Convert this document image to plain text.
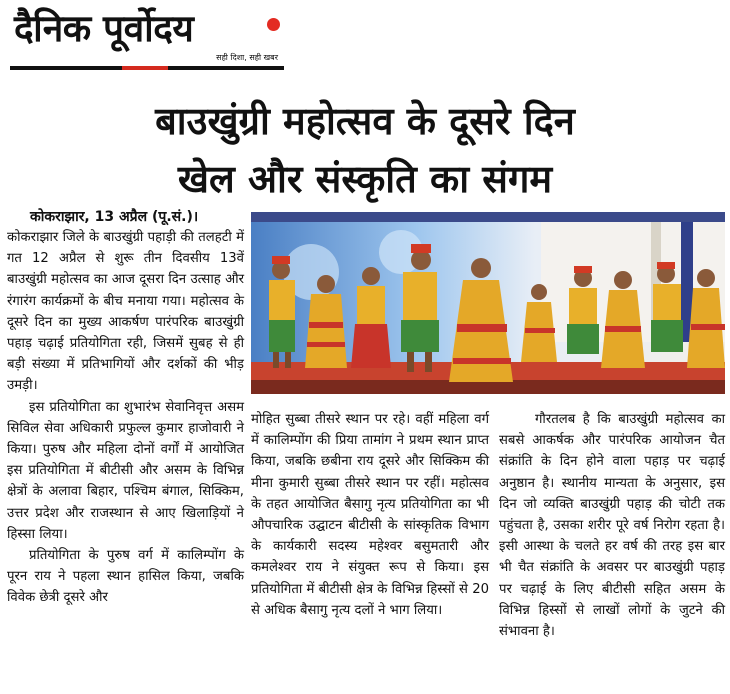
दैनिक पूर्वोदय
सही दिशा, सही खबर
बाउखुंग्री महोत्सव के दूसरे दिन
खेल और संस्कृति का संगम
कोकराझार, 13 अप्रैल (पू.सं.)।

कोकराझार जिले के बाउखुंग्री पहाड़ी की तलहटी में गत 12 अप्रैल से शुरू तीन दिवसीय 13वें बाउखुंग्री महोत्सव का आज दूसरा दिन उत्साह और रंगारंग कार्यक्रमों के बीच मनाया गया। महोत्सव के दूसरे दिन का मुख्य आकर्षण पारंपरिक बाउखुंग्री पहाड़ चढ़ाई प्रतियोगिता रही, जिसमें सुबह से ही बड़ी संख्या में प्रतिभागियों और दर्शकों की भीड़ उमड़ी।

इस प्रतियोगिता का शुभारंभ सेवानिवृत्त असम सिविल सेवा अधिकारी प्रफुल्ल कुमार हाजोवारी ने किया। पुरुष और महिला दोनों वर्गों में आयोजित इस प्रतियोगिता में बीटीसी और असम के विभिन्न क्षेत्रों के अलावा बिहार, पश्चिम बंगाल, सिक्किम, उत्तर प्रदेश और राजस्थान से आए खिलाड़ियों ने हिस्सा लिया।

प्रतियोगिता के पुरुष वर्ग में कालिम्पोंग के पूरन राय ने पहला स्थान हासिल किया, जबकि विवेक छेत्री दूसरे और

मोहित सुब्बा तीसरे स्थान पर रहे। वहीं महिला वर्ग में कालिम्पोंग की प्रिया तामांग ने प्रथम स्थान प्राप्त किया, जबकि छबीना राय दूसरे और सिक्किम की मीना कुमारी सुब्बा तीसरे स्थान पर रहीं। महोत्सव के तहत आयोजित बैसागु नृत्य प्रतियोगिता का भी औपचारिक उद्घाटन बीटीसी के सांस्कृतिक विभाग के कार्यकारी सदस्य महेश्वर बसुमतारी और कमलेश्वर राय ने संयुक्त रूप से किया। इस प्रतियोगिता में बीटीसी क्षेत्र के विभिन्न हिस्सों से 20 से अधिक बैसागु नृत्य दलों ने भाग लिया।

गौरतलब है कि बाउखुंग्री महोत्सव का सबसे आकर्षक और पारंपरिक आयोजन चैत संक्रांति के दिन होने वाला पहाड़ पर चढ़ाई अनुष्ठान है। स्थानीय मान्यता के अनुसार, इस दिन जो व्यक्ति बाउखुंग्री पहाड़ की चोटी तक पहुंचता है, उसका शरीर पूरे वर्ष निरोग रहता है। इसी आस्था के चलते हर वर्ष की तरह इस बार भी चैत संक्रांति के अवसर पर बाउखुंग्री पहाड़ पर चढ़ाई के लिए बीटीसी सहित असम के विभिन्न हिस्सों से लाखों लोगों के जुटने की संभावना है।
